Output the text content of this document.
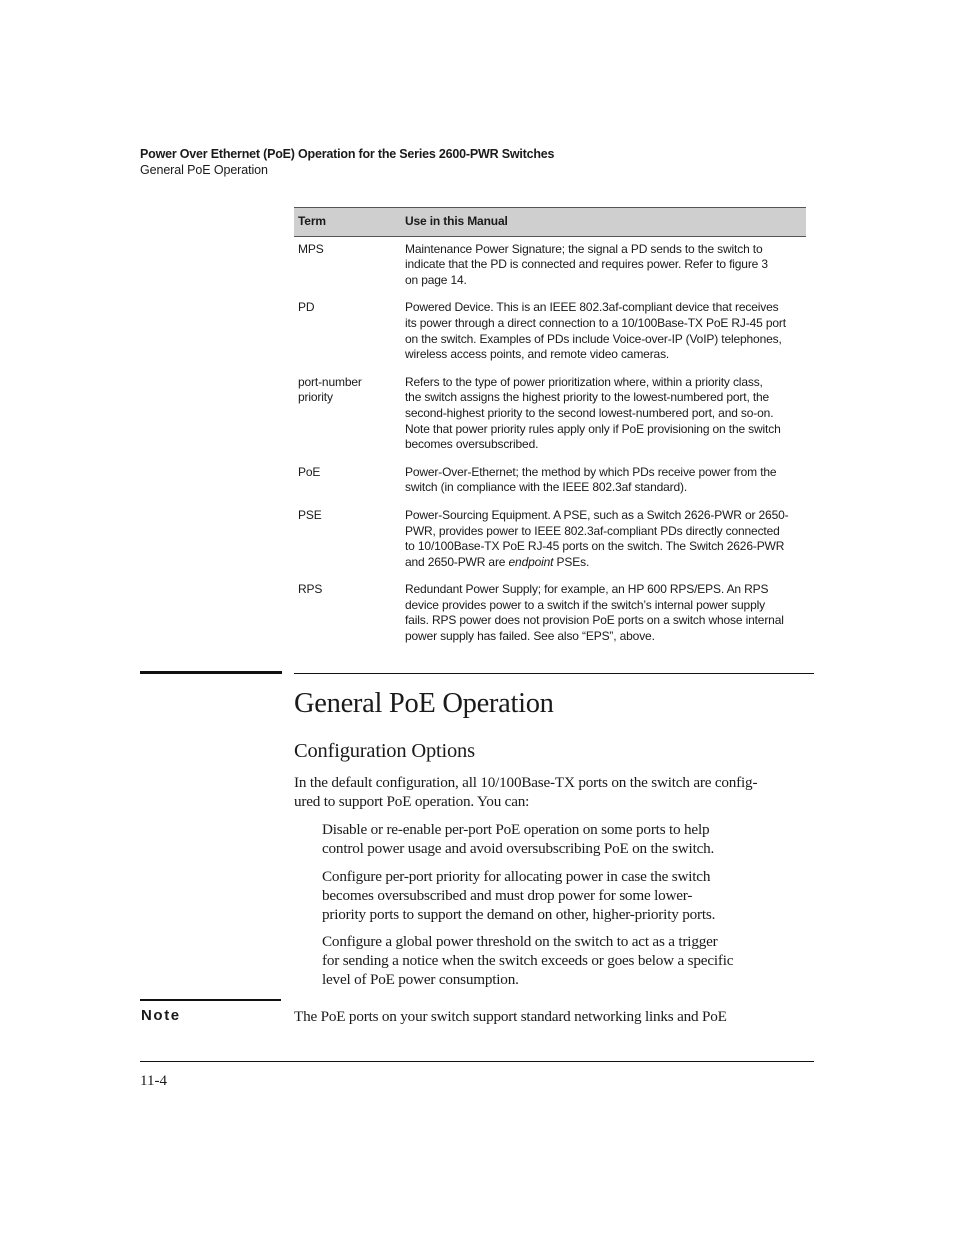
Power Over Ethernet (PoE) Operation for the Series 2600-PWR Switches
General PoE Operation
Term	Use in this Manual
MPS	Maintenance Power Signature; the signal a PD sends to the switch to
indicate that the PD is connected and requires power. Refer to figure 3
on page 14.
PD	Powered Device. This is an IEEE 802.3af-compliant device that receives
its power through a direct connection to a 10/100Base-TX PoE RJ-45 port
on the switch. Examples of PDs include Voice-over-IP (VoIP) telephones,
wireless access points, and remote video cameras.
port-number
priority	Refers to the type of power prioritization where, within a priority class,
the switch assigns the highest priority to the lowest-numbered port, the
second-highest priority to the second lowest-numbered port, and so-on.
Note that power priority rules apply only if PoE provisioning on the switch
becomes oversubscribed.
PoE	Power-Over-Ethernet; the method by which PDs receive power from the
switch (in compliance with the IEEE 802.3af standard).
PSE	Power-Sourcing Equipment. A PSE, such as a Switch 2626-PWR or 2650-
PWR, provides power to IEEE 802.3af-compliant PDs directly connected
to 10/100Base-TX PoE RJ-45 ports on the switch. The Switch 2626-PWR
and 2650-PWR are endpoint PSEs.
RPS	Redundant Power Supply; for example, an HP 600 RPS/EPS. An RPS
device provides power to a switch if the switch’s internal power supply
fails. RPS power does not provision PoE ports on a switch whose internal
power supply has failed. See also “EPS”, above.
General PoE Operation
Configuration Options
In the default configuration, all 10/100Base-TX ports on the switch are config-
ured to support PoE operation. You can:
Disable or re-enable per-port PoE operation on some ports to help
control power usage and avoid oversubscribing PoE on the switch.
Configure per-port priority for allocating power in case the switch
becomes oversubscribed and must drop power for some lower-
priority ports to support the demand on other, higher-priority ports.
Configure a global power threshold on the switch to act as a trigger
for sending a notice when the switch exceeds or goes below a specific
level of PoE power consumption.
Note	The PoE ports on your switch support standard networking links and PoE
11-4
